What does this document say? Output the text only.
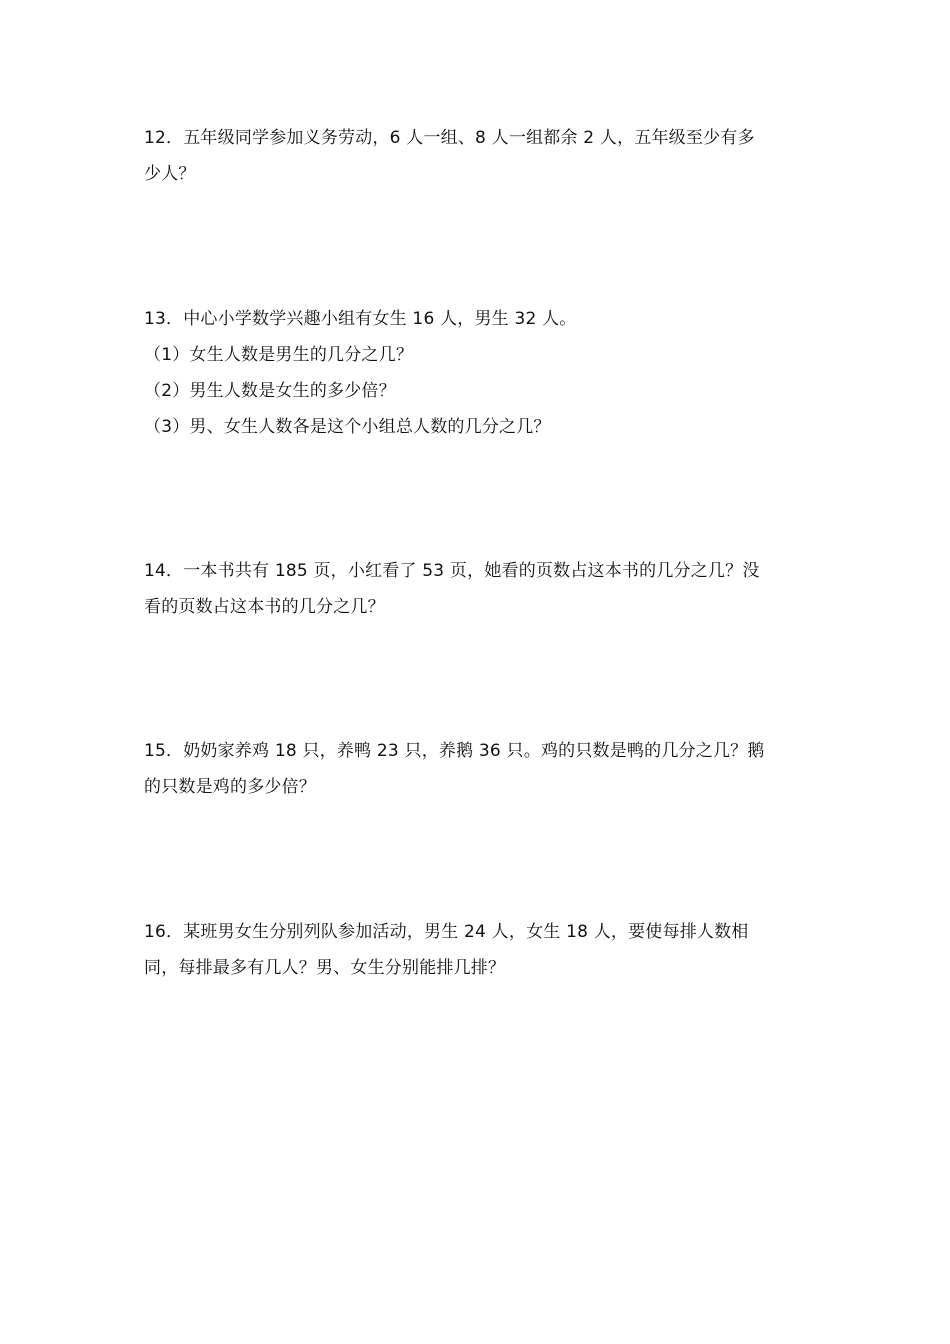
12．五年级同学参加义务劳动，6 人一组、8 人一组都余 2 人，五年级至少有多
少人？
13．中心小学数学兴趣小组有女生 16 人，男生 32 人。
（1）女生人数是男生的几分之几？
（2）男生人数是女生的多少倍？
（3）男、女生人数各是这个小组总人数的几分之几？
14．一本书共有 185 页，小红看了 53 页，她看的页数占这本书的几分之几？没
看的页数占这本书的几分之几？
15．奶奶家养鸡 18 只，养鸭 23 只，养鹅 36 只。鸡的只数是鸭的几分之几？鹅
的只数是鸡的多少倍？
16．某班男女生分别列队参加活动，男生 24 人，女生 18 人，要使每排人数相
同，每排最多有几人？男、女生分别能排几排？
